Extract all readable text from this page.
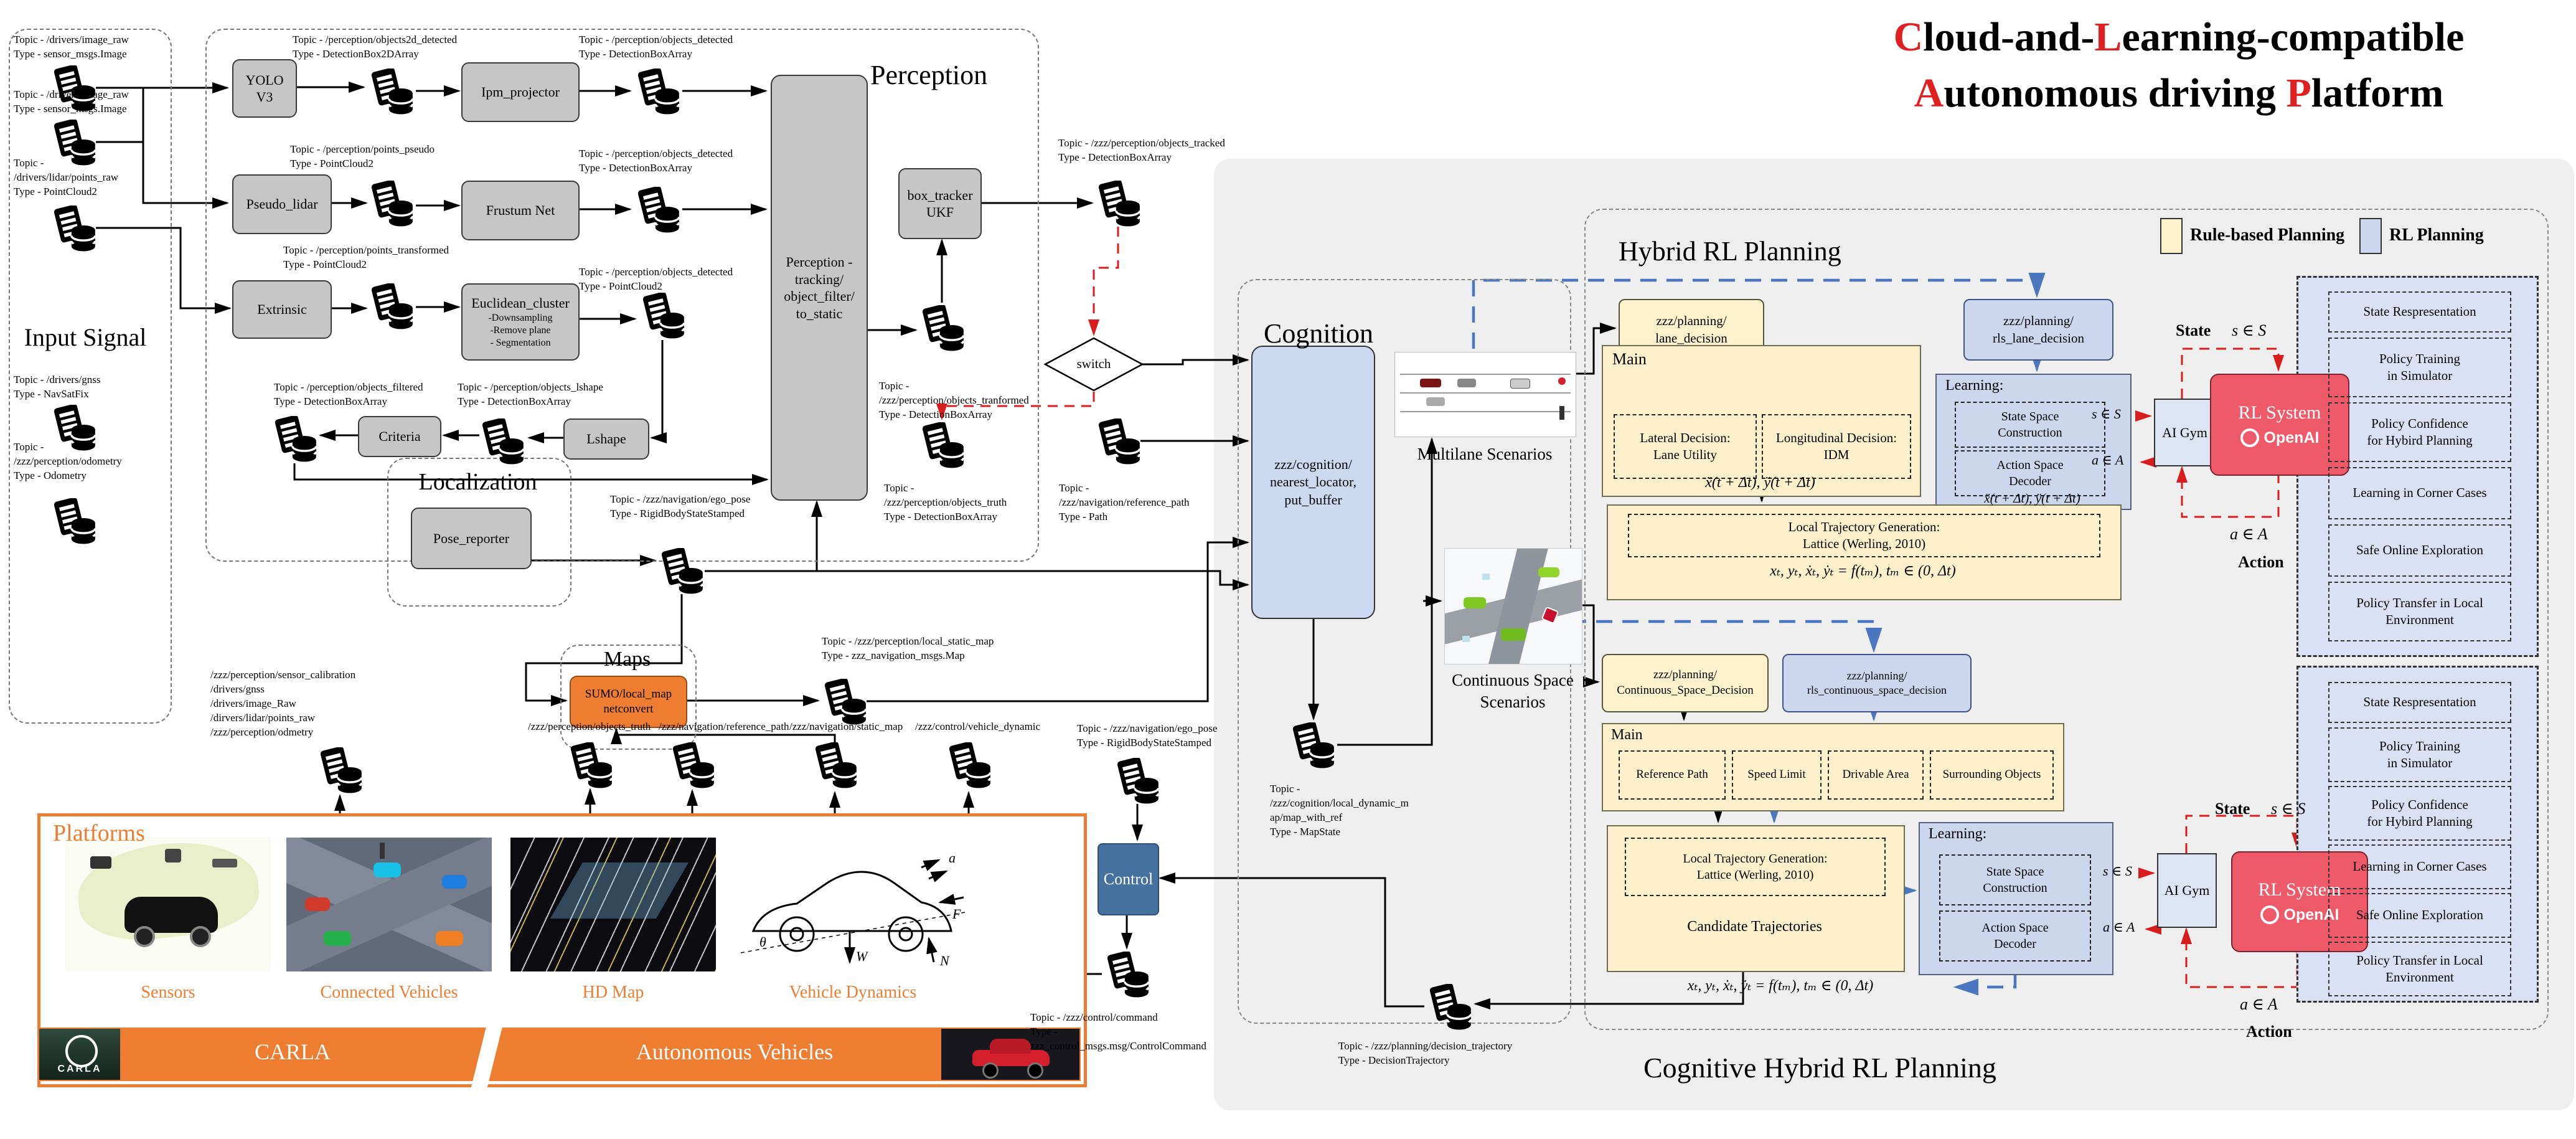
Cloud-and-Learning-compatible
Autonomous driving Platform
Rule-based Planning	RL Planning
Topic - /drivers/image_raw
Type - sensor_msgs.Image
Topic - /drivers/image_raw
Type - sensor_msgs.Image
Topic -
/drivers/lidar/points_raw
Type - PointCloud2
Input Signal
Topic - /drivers/gnss
Type - NavSatFix
Topic -
/zzz/perception/odometry
Type - Odometry
Perception
YOLO
V3
Topic - /perception/objects2d_detected
Type - DetectionBox2DArray
Ipm_projector
Topic - /perception/objects_detected
Type - DetectionBoxArray
Topic - /perception/points_pseudo
Type - PointCloud2
Pseudo_lidar	Frustum Net
Topic - /perception/objects_detected
Type - DetectionBoxArray
Topic - /perception/points_transformed
Type - PointCloud2
Extrinsic	Euclidean_cluster
-Downsampling
-Remove plane
- Segmentation
Topic - /perception/objects_detected
Type - PointCloud2
Topic - /perception/objects_filtered
Type - DetectionBoxArray
Topic - /perception/objects_lshape
Type - DetectionBoxArray
Criteria	Lshape
Perception -
tracking/
object_filter/
to_static
box_tracker
UKF
Topic - /zzz/perception/objects_tracked
Type - DetectionBoxArray
Topic -
/zzz/perception/objects_tranformed
Type - DetectionBoxArray
switch
Topic -
/zzz/perception/objects_truth
Type - DetectionBoxArray
Topic -
/zzz/navigation/reference_path
Type - Path
Localization
Pose_reporter
Topic - /zzz/navigation/ego_pose
Type - RigidBodyStateStamped
Maps
SUMO/local_map
netconvert
Topic - /zzz/perception/local_static_map
Type - zzz_navigation_msgs.Map
Platforms
/zzz/perception/sensor_calibration
/drivers/gnss
/drivers/image_Raw
/dirvers/lidar/points_raw
/zzz/perception/odmetry	/zzz/perception/objects_truth /zzz/navigation/reference_path /zzz/navigation/static_map /zzz/control/vehicle_dynamic
a
F
W	N
θ
Sensors	Connected Vehicles	HD Map	Vehicle Dynamics
CARLA
CARLA	Autonomous Vehicles
Topic - /zzz/navigation/ego_pose
Type - RigidBodyStateStamped
Control
Topic - /zzz/control/command
Type -
zzz_control_msgs.msg/ControlCommand	Topic - /zzz/planning/decision_trajectory
Type - DecisionTrajectory
Cognition
zzz/cognition/
nearest_locator,
put_buffer
Multilane Scenarios
Continuous Space
Scenarios
Topic -
/zzz/cognition/local_dynamic_m
ap/map_with_ref
Type - MapState
Hybrid RL Planning
Cognitive Hybrid RL Planning
zzz/planning/
lane_decision
zzz/planning/
rls_lane_decision
Main
Lateral Decision:
Lane Utility
Longitudinal Decision:
IDM
ẍ(t + Δt), ÿ(t + Δt)
Learning:
State Space
Construction
Action Space
Decoder
ẍ(t + Δt), ÿ(t + Δt)
s ∈ S
a ∈ A
AI Gym
State s ∈ S
RL System
OpenAI
a ∈ A
Action
State Respresentation
Policy Training
in Simulator
Policy Confidence
for Hybird Planning
Learning in Corner Cases
Safe Online Exploration
Policy Transfer in Local
Environment
Local Trajectory Generation:
Lattice (Werling, 2010)
xₜ, yₜ, ẋₜ, ẏₜ = f(tₘ), tₘ ∈ (0, Δt)
zzz/planning/
Continuous_Space_Decision
zzz/planning/
rls_continuous_space_decision
Main
Reference Path	Speed Limit	Drivable Area	Surrounding Objects
Local Trajectory Generation:
Lattice (Werling, 2010)
Candidate Trajectories
Learning:
State Space
Construction
Action Space
Decoder
s ∈ S
a ∈ A
AI Gym
State s ∈ S
RL System
OpenAI
a ∈ A
Action
xₜ, yₜ, ẋₜ, ẏₜ = f(tₘ), tₘ ∈ (0, Δt)
State Respresentation
Policy Training
in Simulator
Policy Confidence
for Hybird Planning
Learning in Corner Cases
Safe Online Exploration
Policy Transfer in Local
Environment
